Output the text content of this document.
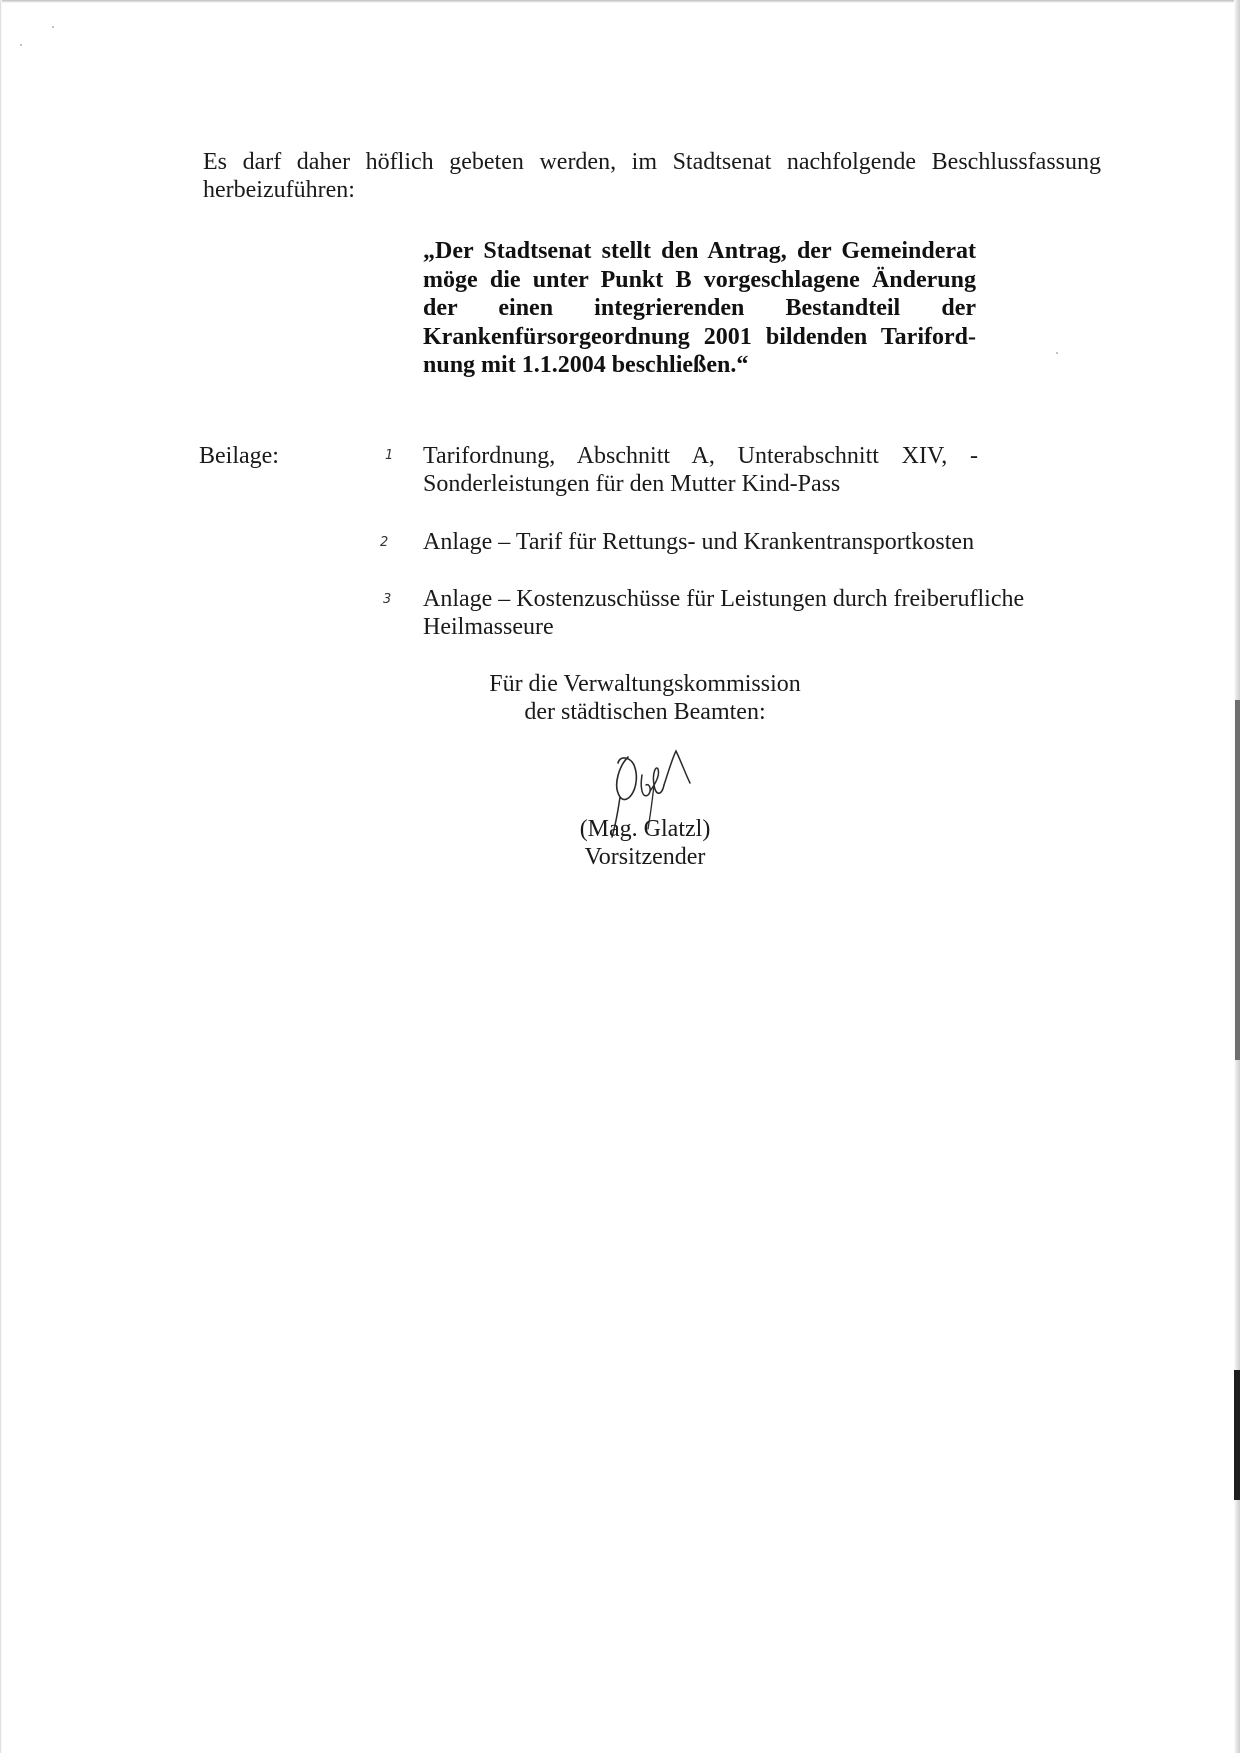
Es darf daher höflich gebeten werden, im Stadtsenat nachfolgende Beschlussfassung
herbeizuführen:

„Der Stadtsenat stellt den Antrag, der Gemeinderat möge die unter Punkt B vorgeschlagene Änderung der einen integrierenden Bestandteil der Krankenfürsorgeordnung 2001 bildenden Tarifordnung mit 1.1.2004 beschließen.“

Beilage:	1 Tarifordnung, Abschnitt A, Unterabschnitt XIV, -
Sonderleistungen für den Mutter Kind-Pass

2 Anlage – Tarif für Rettungs- und Krankentransportkosten

3 Anlage – Kostenzuschüsse für Leistungen durch freiberufliche
Heilmasseure

Für die Verwaltungskommission
der städtischen Beamten:

(Mag. Glatzl)
Vorsitzender
